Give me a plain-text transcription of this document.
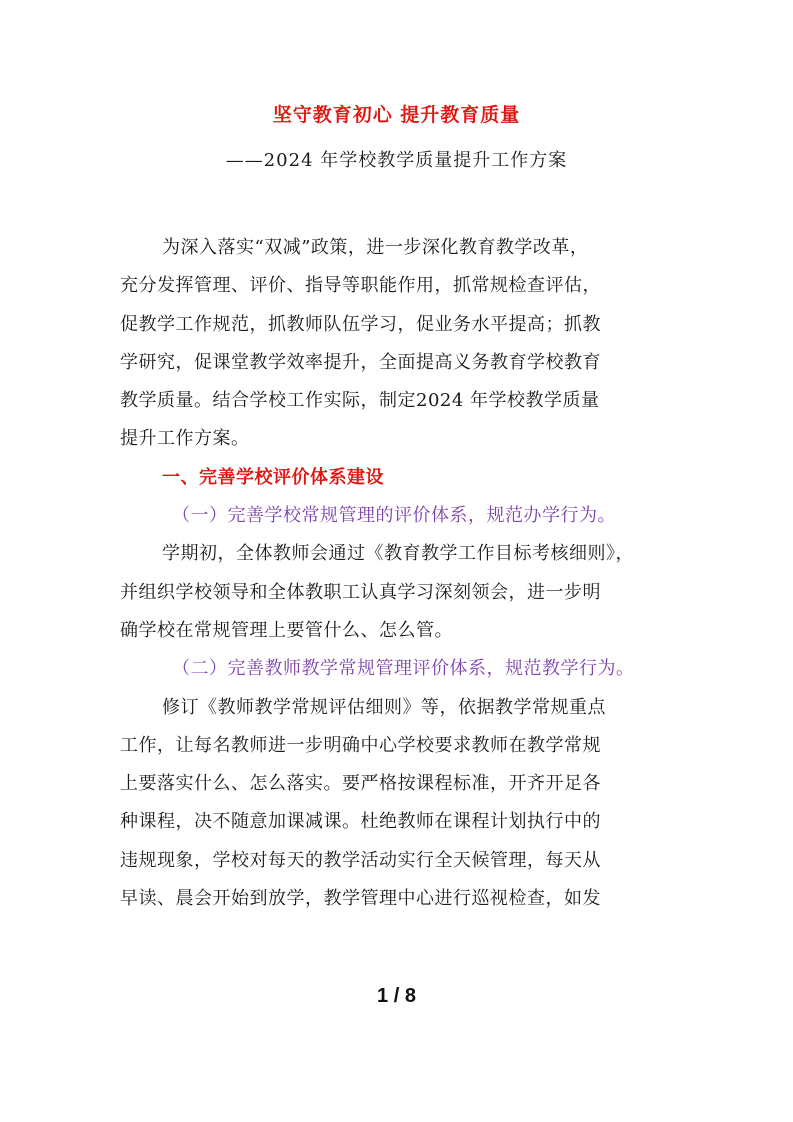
坚守教育初心 提升教育质量
——2024 年学校教学质量提升工作方案
为深入落实“双减”政策，进一步深化教育教学改革，
充分发挥管理、评价、指导等职能作用，抓常规检查评估，
促教学工作规范，抓教师队伍学习，促业务水平提高；抓教
学研究，促课堂教学效率提升，全面提高义务教育学校教育
教学质量。结合学校工作实际，制定2024 年学校教学质量
提升工作方案。
一、完善学校评价体系建设
（一）完善学校常规管理的评价体系，规范办学行为。
学期初，全体教师会通过《教育教学工作目标考核细则》，
并组织学校领导和全体教职工认真学习深刻领会，进一步明
确学校在常规管理上要管什么、怎么管。
（二）完善教师教学常规管理评价体系，规范教学行为。
修订《教师教学常规评估细则》等，依据教学常规重点
工作，让每名教师进一步明确中心学校要求教师在教学常规
上要落实什么、怎么落实。要严格按课程标准，开齐开足各
种课程，决不随意加课减课。杜绝教师在课程计划执行中的
违规现象，学校对每天的教学活动实行全天候管理，每天从
早读、晨会开始到放学，教学管理中心进行巡视检查，如发
1 / 8
